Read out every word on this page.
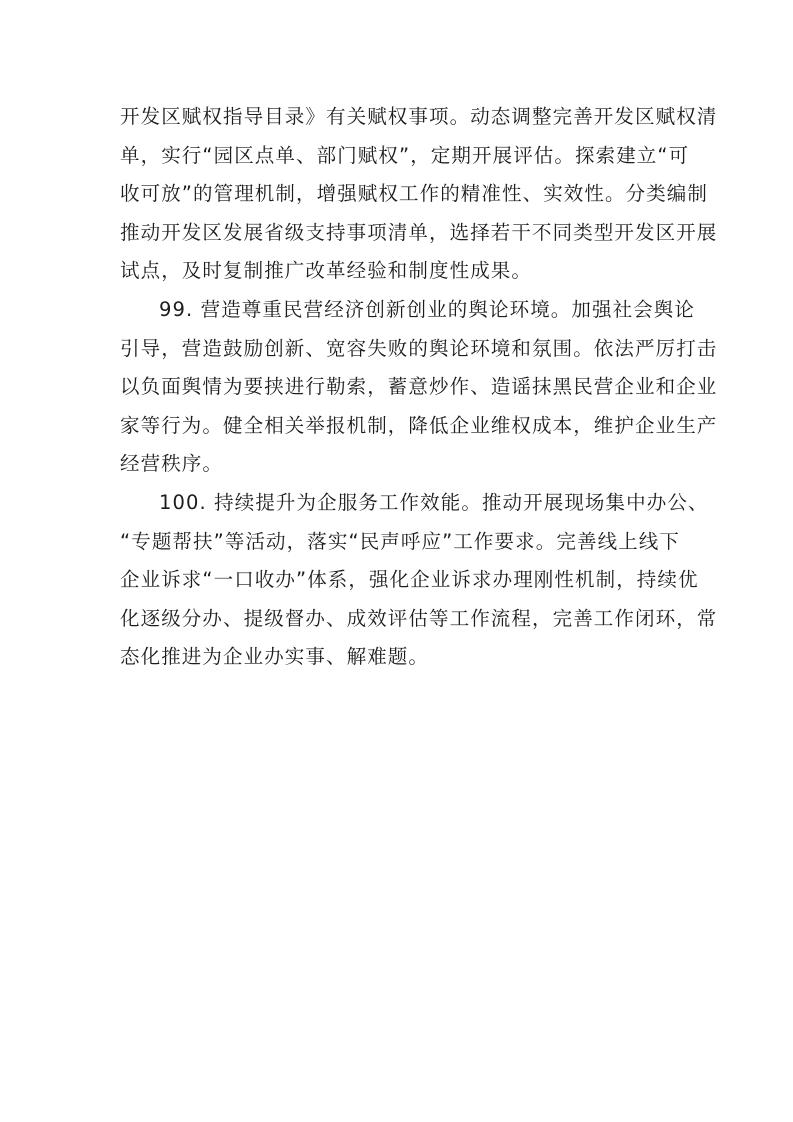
开发区赋权指导目录》有关赋权事项。动态调整完善开发区赋权清
单，实行“园区点单、部门赋权”，定期开展评估。探索建立“可
收可放”的管理机制，增强赋权工作的精准性、实效性。分类编制
推动开发区发展省级支持事项清单，选择若干不同类型开发区开展
试点，及时复制推广改革经验和制度性成果。

99. 营造尊重民营经济创新创业的舆论环境。加强社会舆论
引导，营造鼓励创新、宽容失败的舆论环境和氛围。依法严厉打击
以负面舆情为要挟进行勒索，蓄意炒作、造谣抹黑民营企业和企业
家等行为。健全相关举报机制，降低企业维权成本，维护企业生产
经营秩序。

100. 持续提升为企服务工作效能。推动开展现场集中办公、
“专题帮扶”等活动，落实“民声呼应”工作要求。完善线上线下
企业诉求“一口收办”体系，强化企业诉求办理刚性机制，持续优
化逐级分办、提级督办、成效评估等工作流程，完善工作闭环，常
态化推进为企业办实事、解难题。
